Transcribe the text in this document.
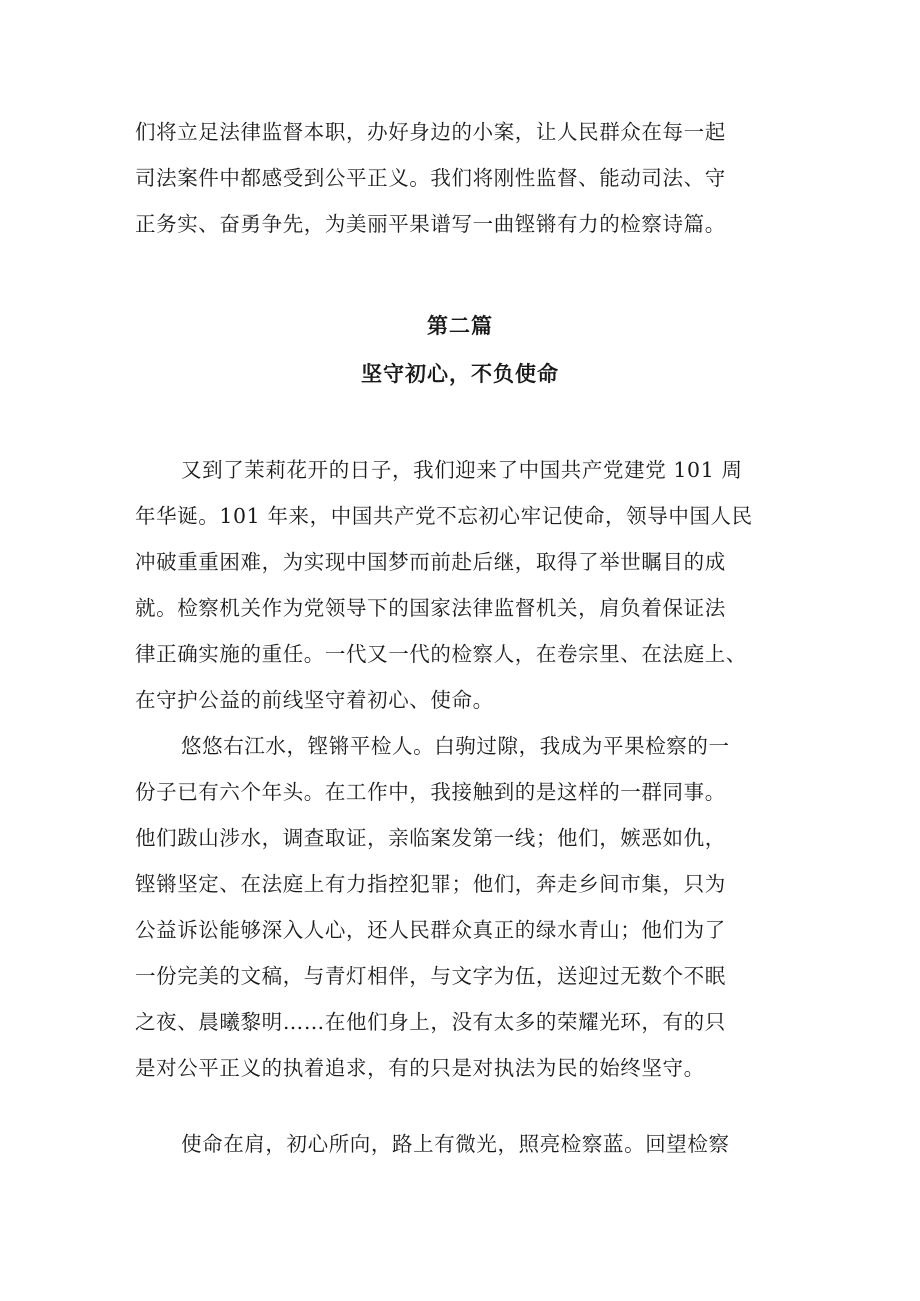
们将立足法律监督本职，办好身边的小案，让人民群众在每一起
司法案件中都感受到公平正义。我们将刚性监督、能动司法、守
正务实、奋勇争先，为美丽平果谱写一曲铿锵有力的检察诗篇。
第二篇
坚守初心，不负使命
又到了茉莉花开的日子，我们迎来了中国共产党建党 101 周
年华诞。101 年来，中国共产党不忘初心牢记使命，领导中国人民
冲破重重困难，为实现中国梦而前赴后继，取得了举世瞩目的成
就。检察机关作为党领导下的国家法律监督机关，肩负着保证法
律正确实施的重任。一代又一代的检察人，在卷宗里、在法庭上、
在守护公益的前线坚守着初心、使命。
悠悠右江水，铿锵平检人。白驹过隙，我成为平果检察的一
份子已有六个年头。在工作中，我接触到的是这样的一群同事。
他们跋山涉水，调查取证，亲临案发第一线；他们，嫉恶如仇，
铿锵坚定、在法庭上有力指控犯罪；他们，奔走乡间市集，只为
公益诉讼能够深入人心，还人民群众真正的绿水青山；他们为了
一份完美的文稿，与青灯相伴，与文字为伍，送迎过无数个不眠
之夜、晨曦黎明……在他们身上，没有太多的荣耀光环，有的只
是对公平正义的执着追求，有的只是对执法为民的始终坚守。
使命在肩，初心所向，路上有微光，照亮检察蓝。回望检察
